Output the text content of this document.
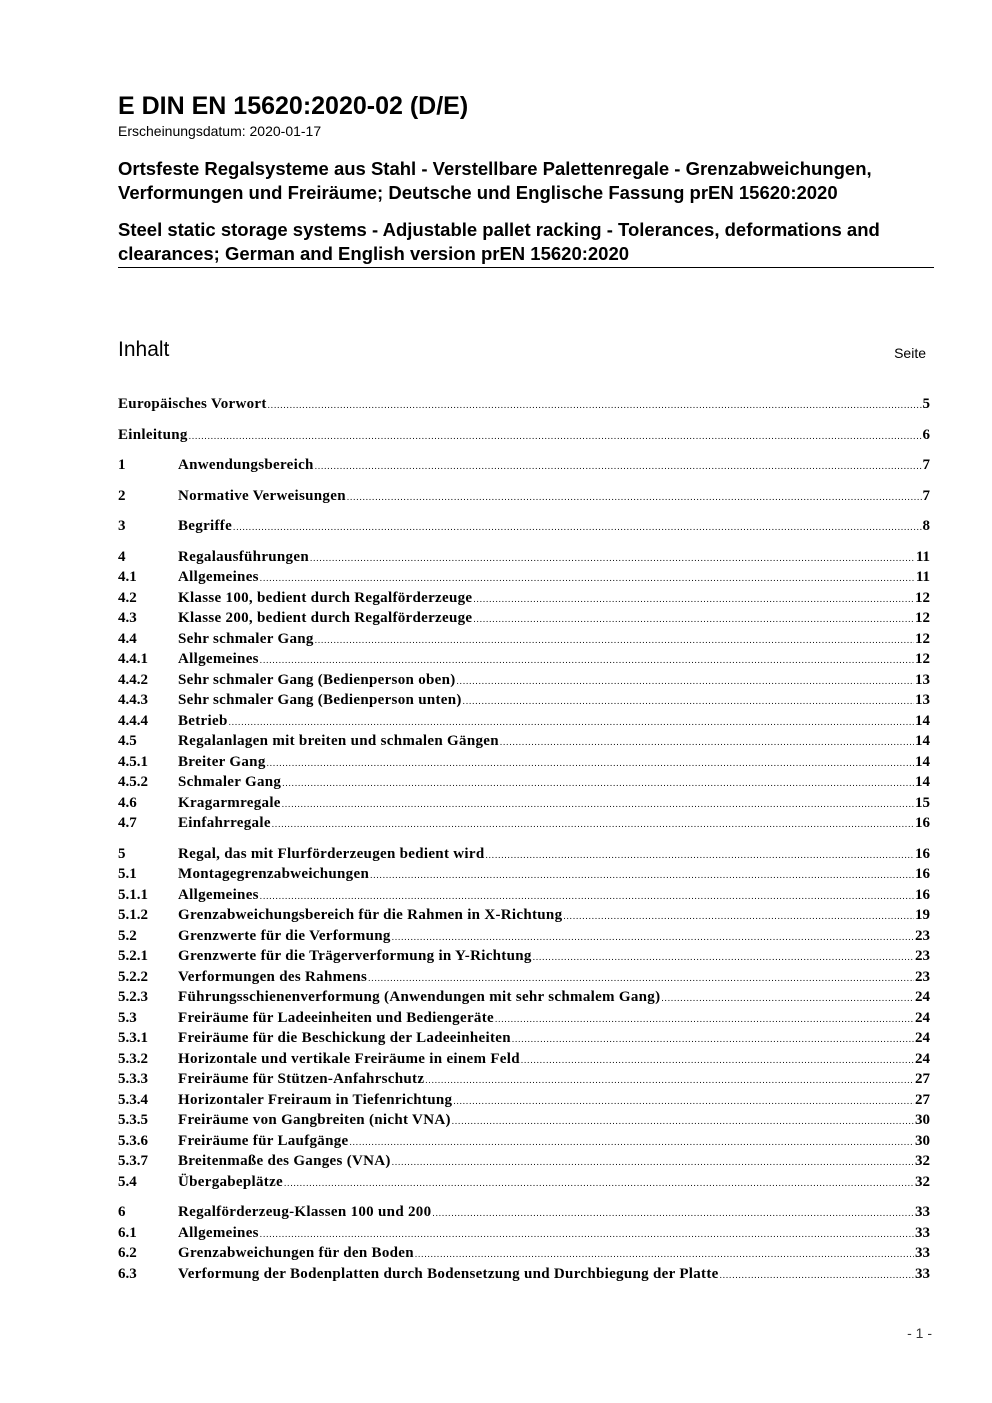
E DIN EN 15620:2020-02 (D/E)
Erscheinungsdatum: 2020-01-17
Ortsfeste Regalsysteme aus Stahl - Verstellbare Palettenregale - Grenzabweichungen, Verformungen und Freiräume; Deutsche und Englische Fassung prEN 15620:2020
Steel static storage systems - Adjustable pallet racking - Tolerances, deformations and clearances; German and English version prEN 15620:2020
Inhalt	Seite
Europäisches Vorwort .....	5
Einleitung .....	6
1	Anwendungsbereich .....	7
2	Normative Verweisungen .....	7
3	Begriffe .....	8
4	Regalausführungen .....	11
4.1	Allgemeines .....	11
4.2	Klasse 100, bedient durch Regalförderzeuge .....	12
4.3	Klasse 200, bedient durch Regalförderzeuge .....	12
4.4	Sehr schmaler Gang .....	12
4.4.1	Allgemeines .....	12
4.4.2	Sehr schmaler Gang (Bedienperson oben) .....	13
4.4.3	Sehr schmaler Gang (Bedienperson unten) .....	13
4.4.4	Betrieb .....	14
4.5	Regalanlagen mit breiten und schmalen Gängen .....	14
4.5.1	Breiter Gang .....	14
4.5.2	Schmaler Gang .....	14
4.6	Kragarmregale .....	15
4.7	Einfahrregale .....	16
5	Regal, das mit Flurförderzeugen bedient wird .....	16
5.1	Montagegrenzabweichungen .....	16
5.1.1	Allgemeines .....	16
5.1.2	Grenzabweichungsbereich für die Rahmen in X-Richtung .....	19
5.2	Grenzwerte für die Verformung .....	23
5.2.1	Grenzwerte für die Trägerverformung in Y-Richtung .....	23
5.2.2	Verformungen des Rahmens .....	23
5.2.3	Führungsschienenverformung (Anwendungen mit sehr schmalem Gang) .....	24
5.3	Freiräume für Ladeeinheiten und Bediengeräte .....	24
5.3.1	Freiräume für die Beschickung der Ladeeinheiten .....	24
5.3.2	Horizontale und vertikale Freiräume in einem Feld .....	24
5.3.3	Freiräume für Stützen-Anfahrschutz .....	27
5.3.4	Horizontaler Freiraum in Tiefenrichtung .....	27
5.3.5	Freiräume von Gangbreiten (nicht VNA) .....	30
5.3.6	Freiräume für Laufgänge .....	30
5.3.7	Breitenmaße des Ganges (VNA) .....	32
5.4	Übergabeplätze .....	32
6	Regalförderzeug-Klassen 100 und 200 .....	33
6.1	Allgemeines .....	33
6.2	Grenzabweichungen für den Boden .....	33
6.3	Verformung der Bodenplatten durch Bodensetzung und Durchbiegung der Platte .....	33
- 1 -
